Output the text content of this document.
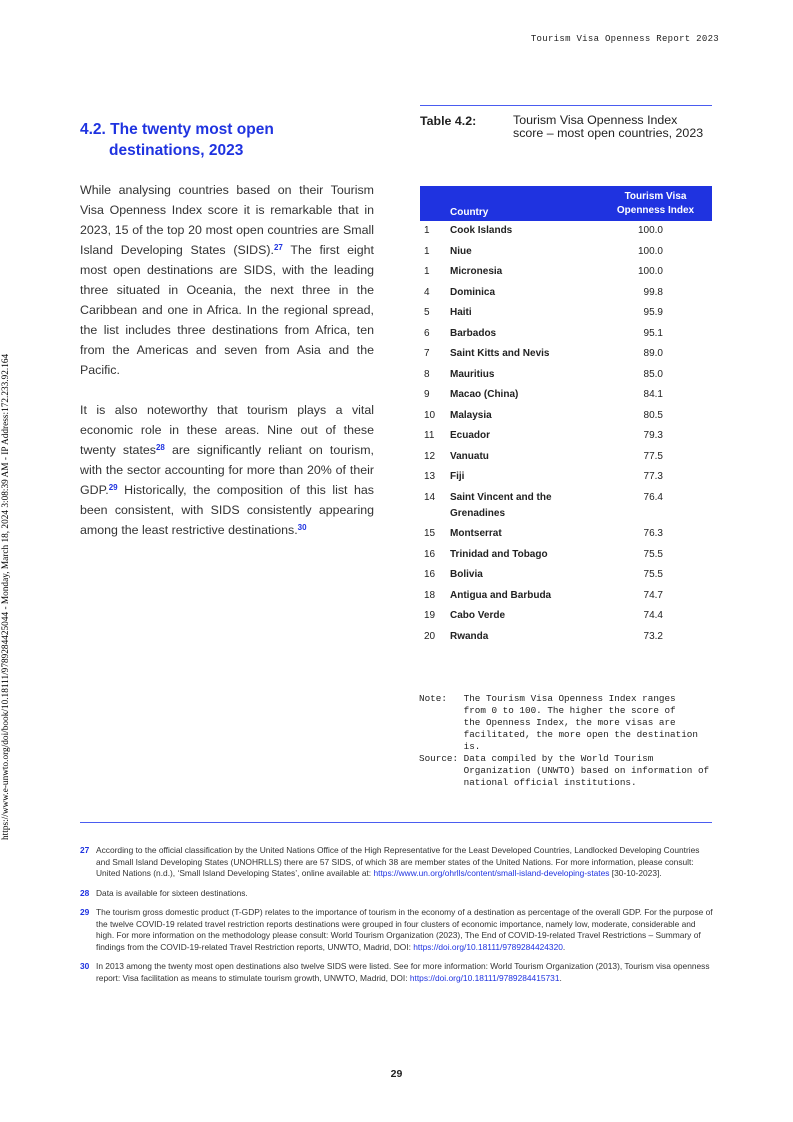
Tourism Visa Openness Report 2023
https://www.e-unwto.org/doi/book/10.18111/9789284425044 - Monday, March 18, 2024 3:08:39 AM - IP Address:172.233.92.164
4.2. The twenty most open
destinations, 2023

While analysing countries based on their Tourism Visa Openness Index score it is remarkable that in 2023, 15 of the top 20 most open countries are Small Island Developing States (SIDS).$^{27}$ The first eight most open destinations are SIDS, with the leading three situated in Oceania, the next three in the Caribbean and one in Africa. In the regional spread, the list includes three destinations from Africa, ten from the Americas and seven from Asia and the Pacific.

It is also noteworthy that tourism plays a vital economic role in these areas. Nine out of these twenty states$^{28}$ are significantly reliant on tourism, with the sector accounting for more than 20% of their GDP.$^{29}$ Historically, the composition of this list has been consistent, with SIDS consistently appearing among the least restrictive destinations.$^{30}$

Table 4.2:	Tourism Visa Openness Index score – most open countries, 2023
Country		Tourism Visa
Openness Index

1	Cook Islands	100.0
1	Niue	100.0
1	Micronesia	100.0
4	Dominica	99.8
5	Haiti	95.9
6	Barbados	95.1
7	Saint Kitts and Nevis	89.0
8	Mauritius	85.0
9	Macao (China)	84.1
10	Malaysia	80.5
11	Ecuador	79.3
12	Vanuatu	77.5
13	Fiji	77.3
14	Saint Vincent and the Grenadines	76.4
15	Montserrat	76.3
16	Trinidad and Tobago	75.5
16	Bolivia	75.5
18	Antigua and Barbuda	74.7
19	Cabo Verde	74.4
20	Rwanda	73.2
Note:   The Tourism Visa Openness Index ranges
from 0 to 100. The higher the score of
the Openness Index, the more visas are
facilitated, the more open the destination
is.
Source: Data compiled by the World Tourism
Organization (UNWTO) based on information of
national official institutions.

27 According to the official classification by the United Nations Office of the High Representative for the Least Developed Countries, Landlocked Developing Countries and Small Island Developing States (UNOHRLLS) there are 57 SIDS, of which 38 are member states of the United Nations. For more information, please consult: United Nations (n.d.), ‘Small Island Developing States’, online available at: https://www.un.org/ohrlls/content/small-island-developing-states [30-10-2023].

28 Data is available for sixteen destinations.

29 The tourism gross domestic product (T-GDP) relates to the importance of tourism in the economy of a destination as percentage of the overall GDP. For the purpose of the twelve COVID-19 related travel restriction reports destinations were grouped in four clusters of economic importance, namely low, moderate, considerable and high. For more information on the methodology please consult: World Tourism Organization (2023), The End of COVID-19-related Travel Restrictions – Summary of findings from the COVID-19-related Travel Restriction reports, UNWTO, Madrid, DOI: https://doi.org/10.18111/9789284424320.

30 In 2013 among the twenty most open destinations also twelve SIDS were listed. See for more information: World Tourism Organization (2013), Tourism visa openness report: Visa facilitation as means to stimulate tourism growth, UNWTO, Madrid, DOI: https://doi.org/10.18111/9789284415731.

29
